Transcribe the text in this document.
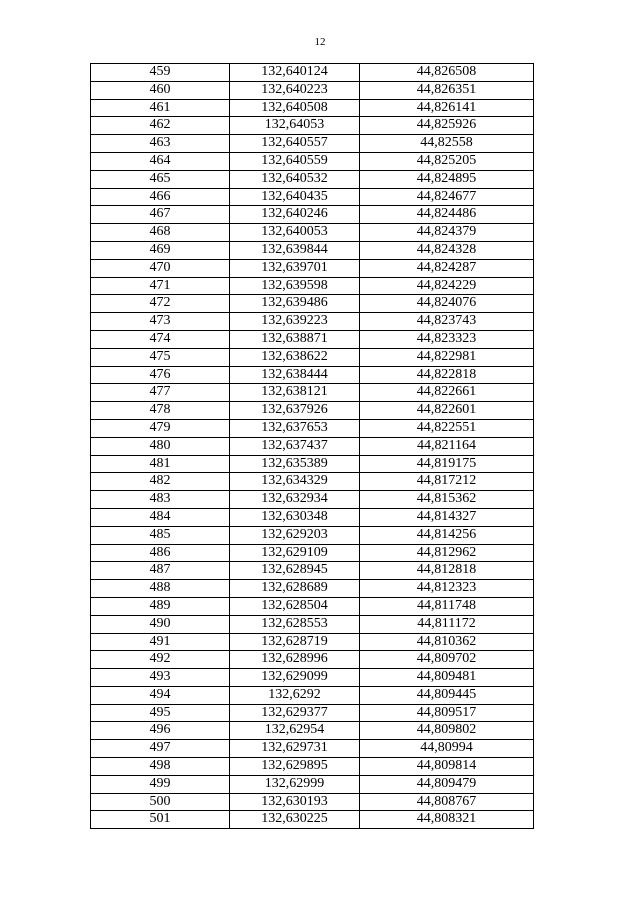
12
459	132,640124	44,826508
460	132,640223	44,826351
461	132,640508	44,826141
462	132,64053	44,825926
463	132,640557	44,82558
464	132,640559	44,825205
465	132,640532	44,824895
466	132,640435	44,824677
467	132,640246	44,824486
468	132,640053	44,824379
469	132,639844	44,824328
470	132,639701	44,824287
471	132,639598	44,824229
472	132,639486	44,824076
473	132,639223	44,823743
474	132,638871	44,823323
475	132,638622	44,822981
476	132,638444	44,822818
477	132,638121	44,822661
478	132,637926	44,822601
479	132,637653	44,822551
480	132,637437	44,821164
481	132,635389	44,819175
482	132,634329	44,817212
483	132,632934	44,815362
484	132,630348	44,814327
485	132,629203	44,814256
486	132,629109	44,812962
487	132,628945	44,812818
488	132,628689	44,812323
489	132,628504	44,811748
490	132,628553	44,811172
491	132,628719	44,810362
492	132,628996	44,809702
493	132,629099	44,809481
494	132,6292	44,809445
495	132,629377	44,809517
496	132,62954	44,809802
497	132,629731	44,80994
498	132,629895	44,809814
499	132,62999	44,809479
500	132,630193	44,808767
501	132,630225	44,808321
